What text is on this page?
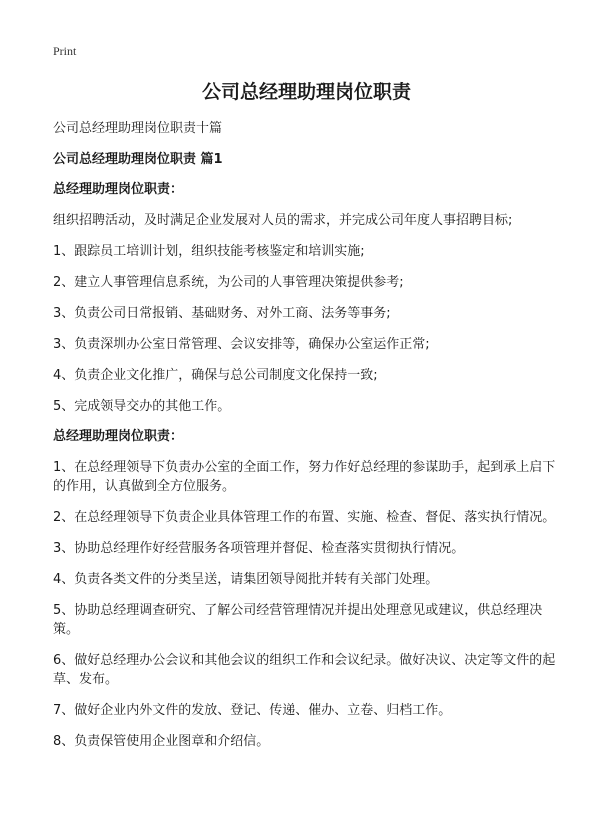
Print
公司总经理助理岗位职责
公司总经理助理岗位职责十篇
公司总经理助理岗位职责 篇1
总经理助理岗位职责：
组织招聘活动，及时满足企业发展对人员的需求，并完成公司年度人事招聘目标;
1、跟踪员工培训计划，组织技能考核鉴定和培训实施;
2、建立人事管理信息系统，为公司的人事管理决策提供参考;
3、负责公司日常报销、基础财务、对外工商、法务等事务;
3、负责深圳办公室日常管理、会议安排等，确保办公室运作正常;
4、负责企业文化推广，确保与总公司制度文化保持一致;
5、完成领导交办的其他工作。
总经理助理岗位职责：
1、在总经理领导下负责办公室的全面工作，努力作好总经理的参谋助手，起到承上启下的作用，认真做到全方位服务。
2、在总经理领导下负责企业具体管理工作的布置、实施、检查、督促、落实执行情况。
3、协助总经理作好经营服务各项管理并督促、检查落实贯彻执行情况。
4、负责各类文件的分类呈送，请集团领导阅批并转有关部门处理。
5、协助总经理调查研究、了解公司经营管理情况并提出处理意见或建议，供总经理决策。
6、做好总经理办公会议和其他会议的组织工作和会议纪录。做好决议、决定等文件的起草、发布。
7、做好企业内外文件的发放、登记、传递、催办、立卷、归档工作。
8、负责保管使用企业图章和介绍信。
